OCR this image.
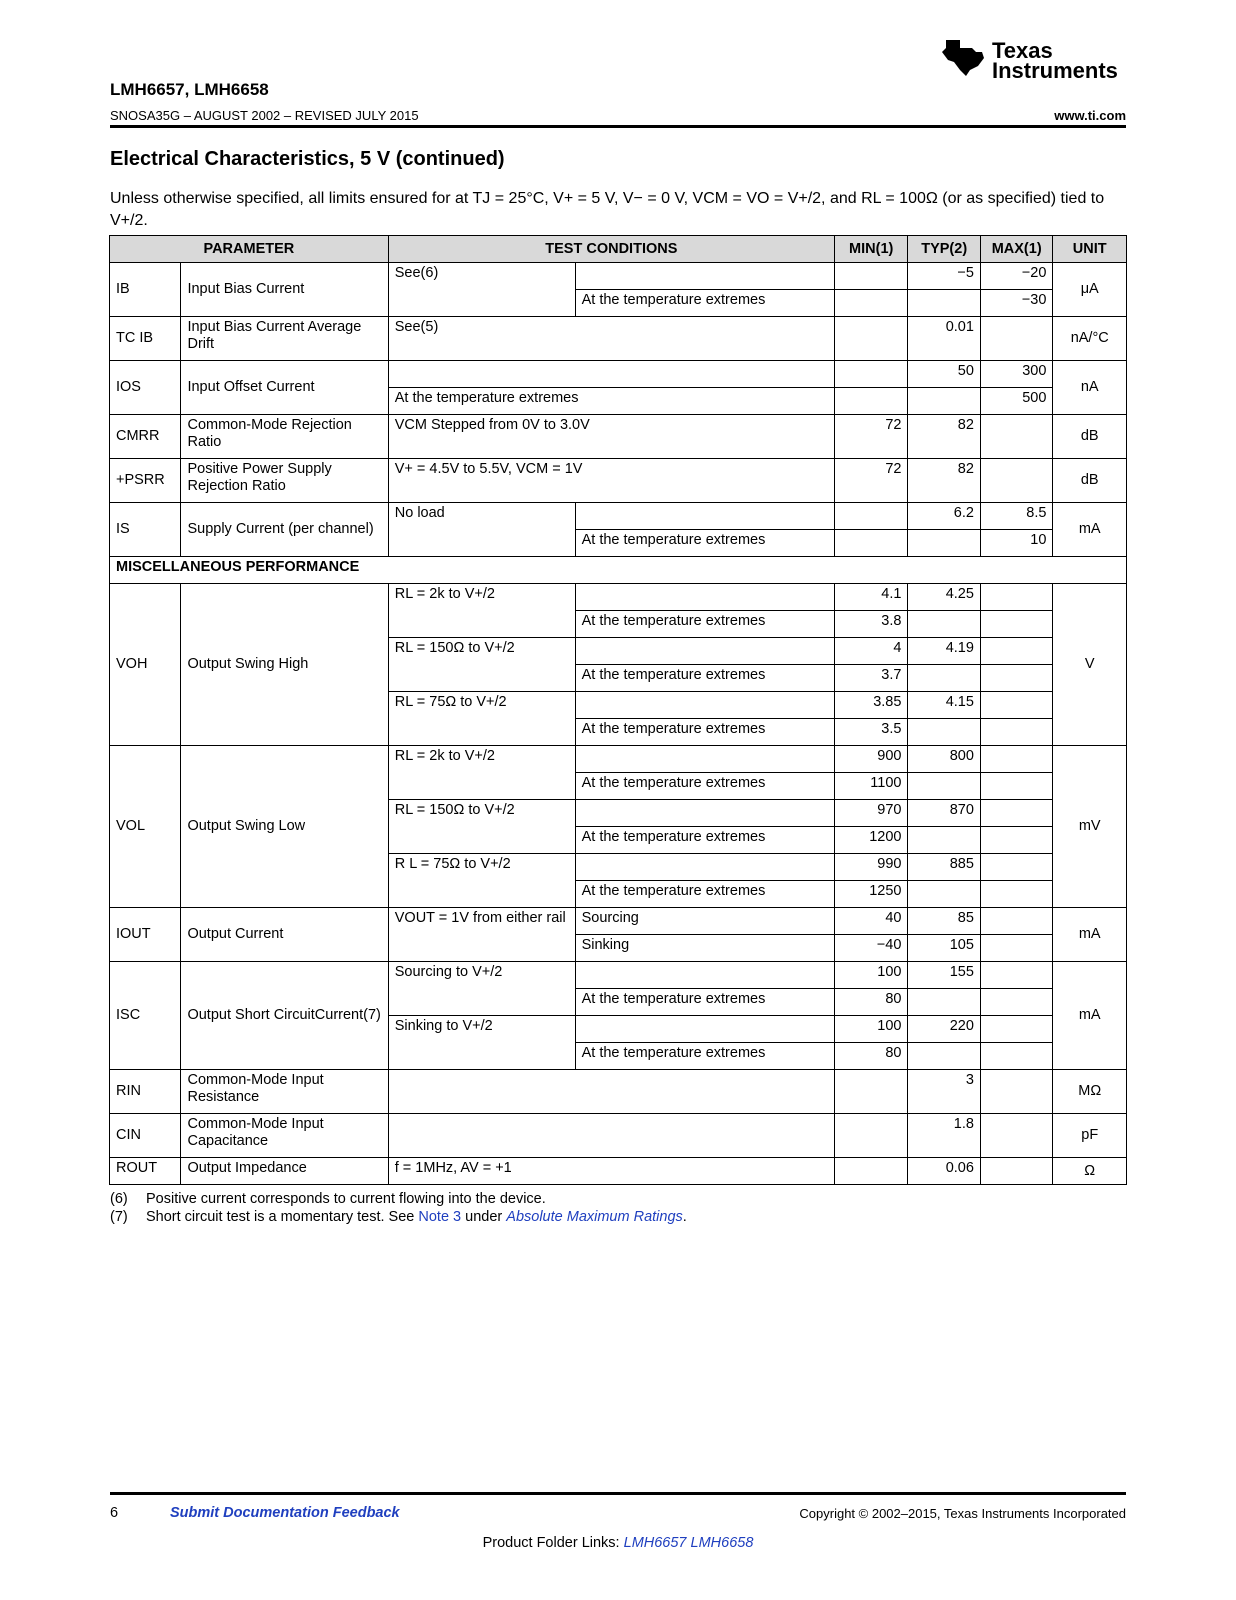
Texas
Instruments
LMH6657, LMH6658
SNOSA35G – AUGUST 2002 – REVISED JULY 2015	www.ti.com
Electrical Characteristics, 5 V (continued)
Unless otherwise specified, all limits ensured for at TJ = 25°C, V+ = 5 V, V− = 0 V, VCM = VO = V+/2, and RL = 100Ω (or as specified) tied to V+/2.
PARAMETER		TEST CONDITIONS		MIN(1)	TYP(2)	MAX(1)	UNIT
IB	Input Bias Current	See(6)			−5	−20	μA
			At the temperature extremes			−30	
TC IB	Input Bias Current Average Drift	See(5)			0.01		nA/°C
IOS	Input Offset Current				50	300	nA
		At the temperature extremes				500	
CMRR	Common-Mode Rejection Ratio	VCM Stepped from 0V to 3.0V		72	82		dB
+PSRR	Positive Power Supply Rejection Ratio	V+ = 4.5V to 5.5V, VCM = 1V		72	82		dB
IS	Supply Current (per channel)	No load			6.2	8.5	mA
			At the temperature extremes			10	
MISCELLANEOUS PERFORMANCE							
VOH	Output Swing High	RL = 2k to V+/2		4.1	4.25		V
			At the temperature extremes	3.8			
		RL = 150Ω to V+/2		4	4.19		
			At the temperature extremes	3.7			
		RL = 75Ω to V+/2		3.85	4.15		
			At the temperature extremes	3.5			
VOL	Output Swing Low	RL = 2k to V+/2		900	800		mV
			At the temperature extremes	1100			
		RL = 150Ω to V+/2		970	870		
			At the temperature extremes	1200			
		R L = 75Ω to V+/2		990	885		
			At the temperature extremes	1250			
IOUT	Output Current	VOUT = 1V from either rail	Sourcing	40	85		mA
			Sinking	−40	105		
ISC	Output Short CircuitCurrent(7)	Sourcing to V+/2		100	155		mA
			At the temperature extremes	80			
		Sinking to V+/2		100	220		
			At the temperature extremes	80			
RIN	Common-Mode Input Resistance				3		MΩ
CIN	Common-Mode Input Capacitance				1.8		pF
ROUT	Output Impedance	f = 1MHz, AV = +1			0.06		Ω
(6) Positive current corresponds to current flowing into the device.
(7) Short circuit test is a momentary test. See Note 3 under Absolute Maximum Ratings.
6	Submit Documentation Feedback	Copyright © 2002–2015, Texas Instruments Incorporated
Product Folder Links: LMH6657 LMH6658
